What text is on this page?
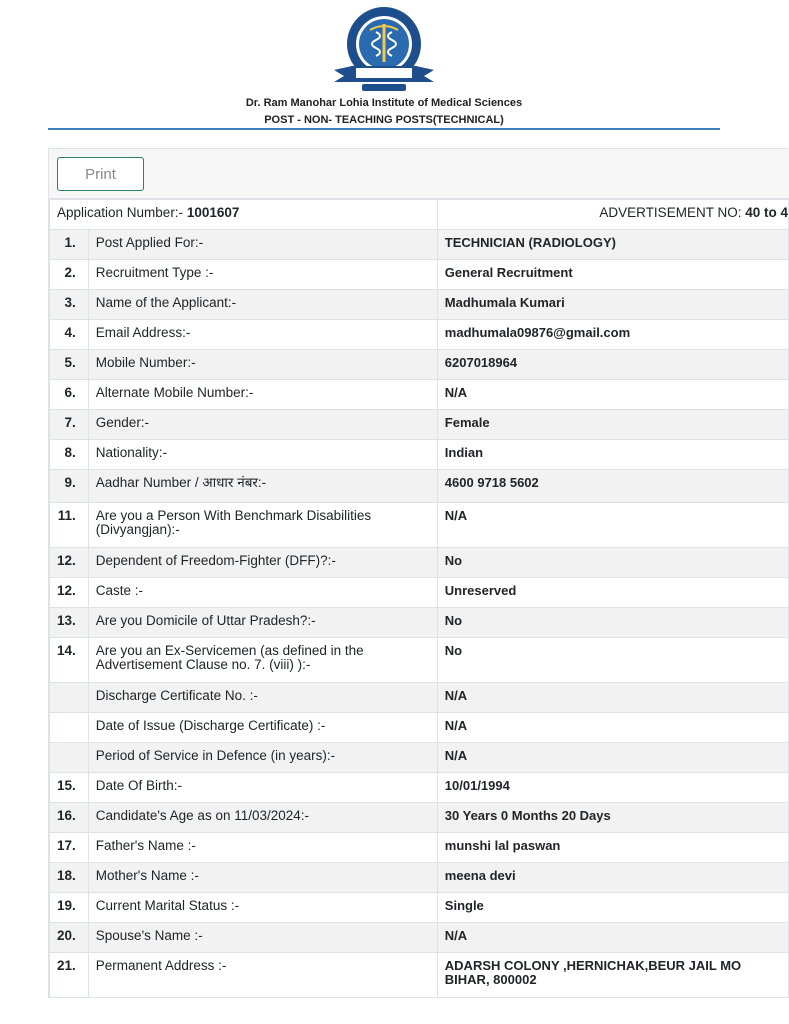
Dr. Ram Manohar Lohia Institute of Medical Sciences
POST - NON- TEACHING POSTS(TECHNICAL)
Print
Application Number:- 1001607		ADVERTISEMENT NO: 40 to 4
1.	Post Applied For:-	TECHNICIAN (RADIOLOGY)
2.	Recruitment Type :-	General Recruitment
3.	Name of the Applicant:-	Madhumala Kumari
4.	Email Address:-	madhumala09876@gmail.com
5.	Mobile Number:-	6207018964
6.	Alternate Mobile Number:-	N/A
7.	Gender:-	Female
8.	Nationality:-	Indian
9.	Aadhar Number / आधार नंबर:-	4600 9718 5602
11.	Are you a Person With Benchmark Disabilities (Divyangjan):-	N/A
12.	Dependent of Freedom-Fighter (DFF)?:-	No
12.	Caste :-	Unreserved
13.	Are you Domicile of Uttar Pradesh?:-	No
14.	Are you an Ex-Servicemen (as defined in the Advertisement Clause no. 7. (viii) ):-	No
	Discharge Certificate No. :-	N/A
	Date of Issue (Discharge Certificate) :-	N/A
	Period of Service in Defence (in years):-	N/A
15.	Date Of Birth:-	10/01/1994
16.	Candidate's Age as on 11/03/2024:-	30 Years 0 Months 20 Days
17.	Father's Name :-	munshi lal paswan
18.	Mother's Name :-	meena devi
19.	Current Marital Status :-	Single
20.	Spouse's Name :-	N/A
21.	Permanent Address :-	ADARSH COLONY ,HERNICHAK,BEUR JAIL MO BIHAR, 800002
